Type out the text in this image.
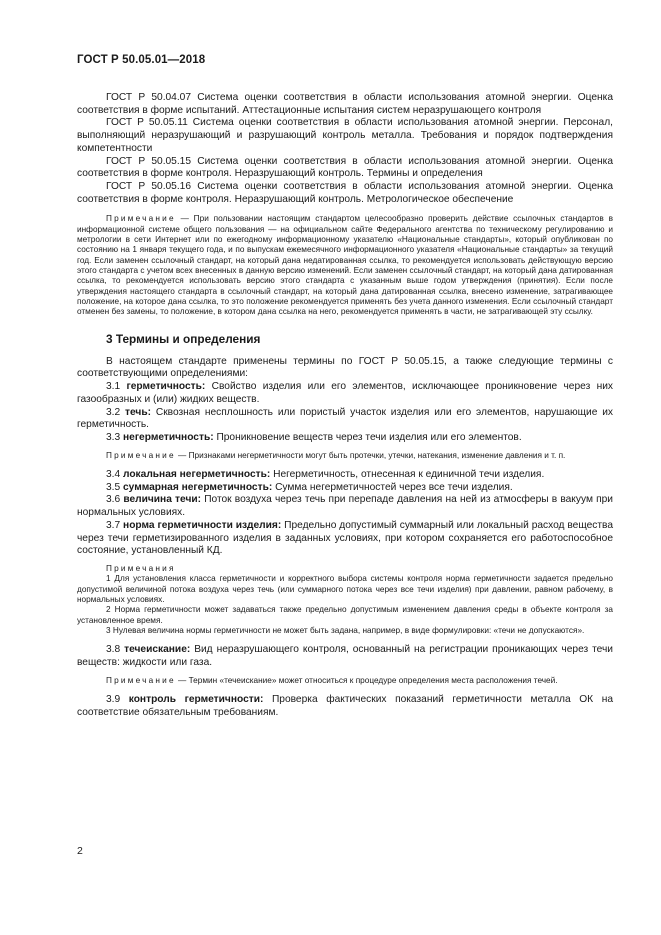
ГОСТ Р 50.05.01—2018

ГОСТ Р 50.04.07 Система оценки соответствия в области использования атомной энергии. Оценка соответствия в форме испытаний. Аттестационные испытания систем неразрушающего контроля

ГОСТ Р 50.05.11 Система оценки соответствия в области использования атомной энергии. Персонал, выполняющий неразрушающий и разрушающий контроль металла. Требования и порядок подтверждения компетентности

ГОСТ Р 50.05.15 Система оценки соответствия в области использования атомной энергии. Оценка соответствия в форме контроля. Неразрушающий контроль. Термины и определения

ГОСТ Р 50.05.16 Система оценки соответствия в области использования атомной энергии. Оценка соответствия в форме контроля. Неразрушающий контроль. Метрологическое обеспечение

Примечание — При пользовании настоящим стандартом целесообразно проверить действие ссылочных стандартов в информационной системе общего пользования — на официальном сайте Федерального агентства по техническому регулированию и метрологии в сети Интернет или по ежегодному информационному указателю «Национальные стандарты», который опубликован по состоянию на 1 января текущего года, и по выпускам ежемесячного информационного указателя «Национальные стандарты» за текущий год. Если заменен ссылочный стандарт, на который дана недатированная ссылка, то рекомендуется использовать действующую версию этого стандарта с учетом всех внесенных в данную версию изменений. Если заменен ссылочный стандарт, на который дана датированная ссылка, то рекомендуется использовать версию этого стандарта с указанным выше годом утверждения (принятия). Если после утверждения настоящего стандарта в ссылочный стандарт, на который дана датированная ссылка, внесено изменение, затрагивающее положение, на которое дана ссылка, то это положение рекомендуется применять без учета данного изменения. Если ссылочный стандарт отменен без замены, то положение, в котором дана ссылка на него, рекомендуется применять в части, не затрагивающей эту ссылку.

3 Термины и определения

В настоящем стандарте применены термины по ГОСТ Р 50.05.15, а также следующие термины с соответствующими определениями:

3.1 герметичность: Свойство изделия или его элементов, исключающее проникновение через них газообразных и (или) жидких веществ.

3.2 течь: Сквозная несплошность или пористый участок изделия или его элементов, нарушающие их герметичность.

3.3 негерметичность: Проникновение веществ через течи изделия или его элементов.

Примечание — Признаками негерметичности могут быть протечки, утечки, натекания, изменение давления и т. п.

3.4 локальная негерметичность: Негерметичность, отнесенная к единичной течи изделия.

3.5 суммарная негерметичность: Сумма негерметичностей через все течи изделия.

3.6 величина течи: Поток воздуха через течь при перепаде давления на ней из атмосферы в вакуум при нормальных условиях.

3.7 норма герметичности изделия: Предельно допустимый суммарный или локальный расход вещества через течи герметизированного изделия в заданных условиях, при котором сохраняется его работоспособное состояние, установленный КД.

Примечания

1 Для установления класса герметичности и корректного выбора системы контроля норма герметичности задается предельно допустимой величиной потока воздуха через течь (или суммарного потока через все течи изделия) при давлении, равном рабочему, в нормальных условиях.

2 Норма герметичности может задаваться также предельно допустимым изменением давления среды в объекте контроля за установленное время.

3 Нулевая величина нормы герметичности не может быть задана, например, в виде формулировки: «течи не допускаются».

3.8 течеискание: Вид неразрушающего контроля, основанный на регистрации проникающих через течи веществ: жидкости или газа.

Примечание — Термин «течеискание» может относиться к процедуре определения места расположения течей.

3.9 контроль герметичности: Проверка фактических показаний герметичности металла ОК на соответствие обязательным требованиям.

2
